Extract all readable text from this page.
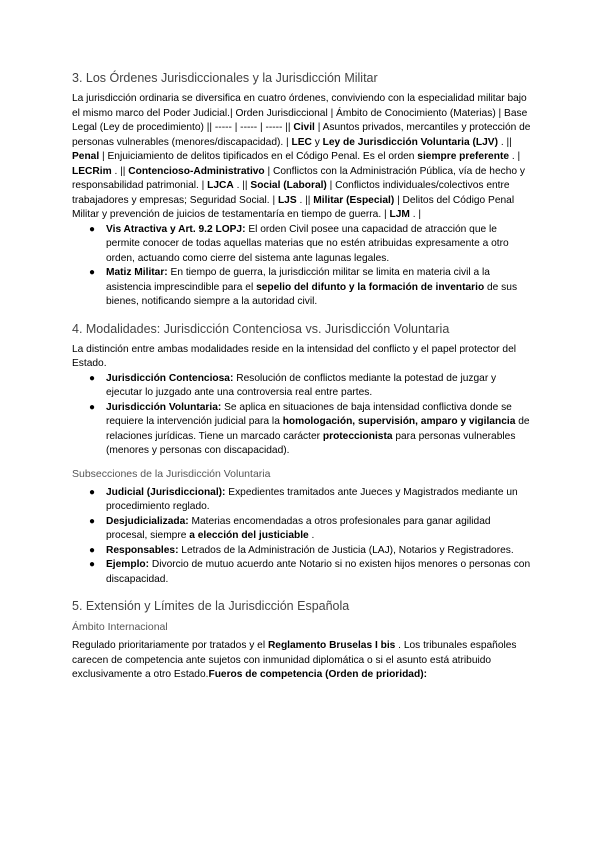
3. Los Órdenes Jurisdiccionales y la Jurisdicción Militar

La jurisdicción ordinaria se diversifica en cuatro órdenes, conviviendo con la especialidad militar bajo el mismo marco del Poder Judicial.| Orden Jurisdiccional | Ámbito de Conocimiento (Materias) | Base Legal (Ley de procedimiento) || ----- | ----- | ----- || Civil | Asuntos privados, mercantiles y protección de personas vulnerables (menores/discapacidad). | LEC y Ley de Jurisdicción Voluntaria (LJV) . || Penal | Enjuiciamiento de delitos tipificados en el Código Penal. Es el orden siempre preferente . | LECRim . || Contencioso-Administrativo | Conflictos con la Administración Pública, vía de hecho y responsabilidad patrimonial. | LJCA . || Social (Laboral) | Conflictos individuales/colectivos entre trabajadores y empresas; Seguridad Social. | LJS . || Militar (Especial) | Delitos del Código Penal Militar y prevención de juicios de testamentaría en tiempo de guerra. | LJM . |

● Vis Atractiva y Art. 9.2 LOPJ: El orden Civil posee una capacidad de atracción que le permite conocer de todas aquellas materias que no estén atribuidas expresamente a otro orden, actuando como cierre del sistema ante lagunas legales.
● Matiz Militar: En tiempo de guerra, la jurisdicción militar se limita en materia civil a la asistencia imprescindible para el sepelio del difunto y la formación de inventario de sus bienes, notificando siempre a la autoridad civil.
4. Modalidades: Jurisdicción Contenciosa vs. Jurisdicción Voluntaria

La distinción entre ambas modalidades reside en la intensidad del conflicto y el papel protector del Estado.

● Jurisdicción Contenciosa: Resolución de conflictos mediante la potestad de juzgar y ejecutar lo juzgado ante una controversia real entre partes.
● Jurisdicción Voluntaria: Se aplica en situaciones de baja intensidad conflictiva donde se requiere la intervención judicial para la homologación, supervisión, amparo y vigilancia de relaciones jurídicas. Tiene un marcado carácter proteccionista para personas vulnerables (menores y personas con discapacidad).
Subsecciones de la Jurisdicción Voluntaria
● Judicial (Jurisdiccional): Expedientes tramitados ante Jueces y Magistrados mediante un procedimiento reglado.
● Desjudicializada: Materias encomendadas a otros profesionales para ganar agilidad procesal, siempre a elección del justiciable .
● Responsables: Letrados de la Administración de Justicia (LAJ), Notarios y Registradores.
● Ejemplo: Divorcio de mutuo acuerdo ante Notario si no existen hijos menores o personas con discapacidad.
5. Extensión y Límites de la Jurisdicción Española
Ámbito Internacional

Regulado prioritariamente por tratados y el Reglamento Bruselas I bis . Los tribunales españoles carecen de competencia ante sujetos con inmunidad diplomática o si el asunto está atribuido exclusivamente a otro Estado.Fueros de competencia (Orden de prioridad):
